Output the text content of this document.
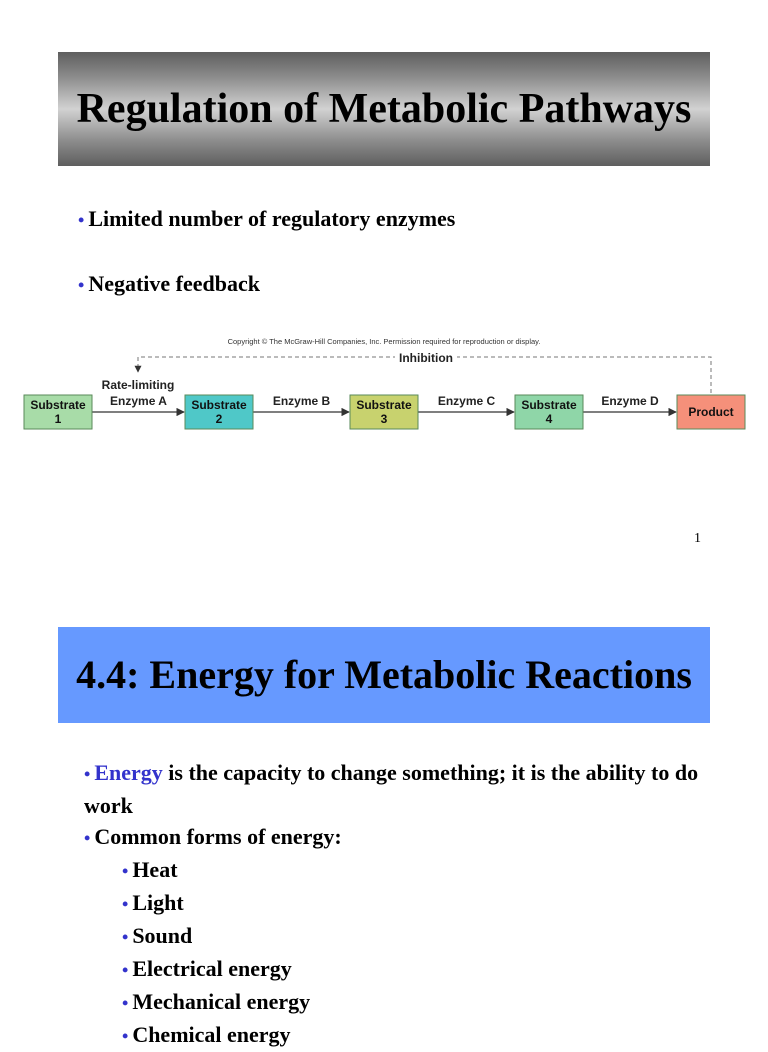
Regulation of Metabolic Pathways
• Limited number of regulatory enzymes
• Negative feedback
Copyright © The McGraw-Hill Companies, Inc. Permission required for reproduction or display.
Inhibition
Rate-limiting
Enzyme A	Enzyme B	Enzyme C	Enzyme D
Substrate
1
Substrate
2
Substrate
3
Substrate
4	Product
1
4.4: Energy for Metabolic Reactions
• Energy is the capacity to change something; it is the ability to do work
• Common forms of energy:
• Heat
• Light
• Sound
• Electrical energy
• Mechanical energy
• Chemical energy
